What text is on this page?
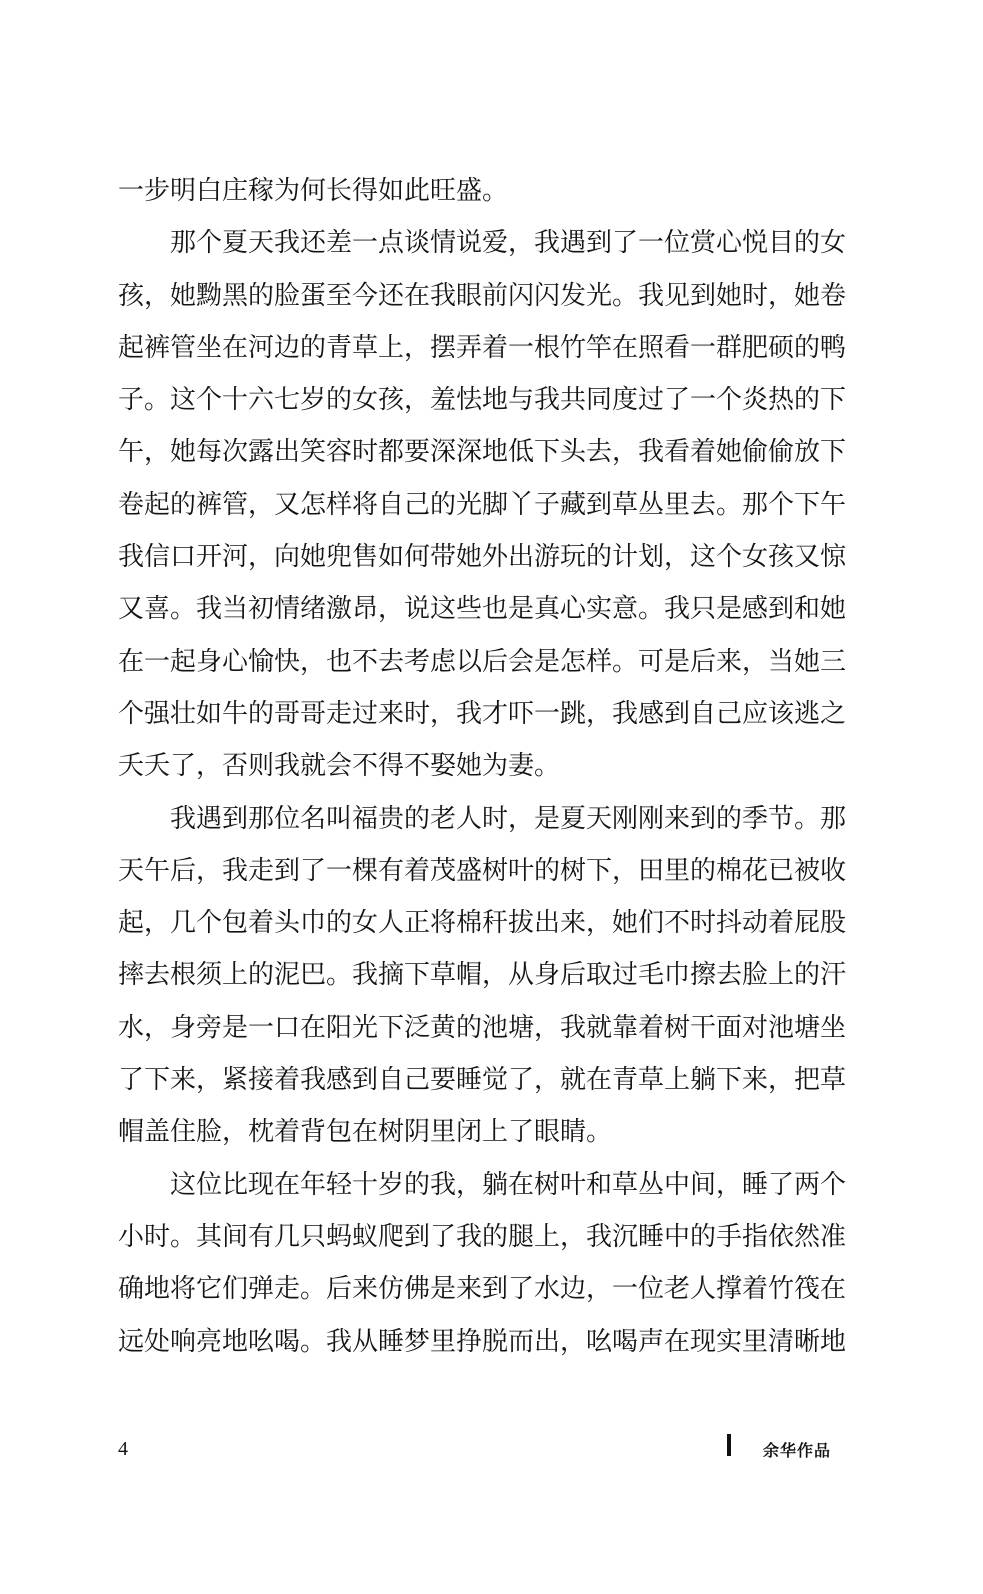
一步明白庄稼为何长得如此旺盛。
那个夏天我还差一点谈情说爱，我遇到了一位赏心悦目的女
孩，她黝黑的脸蛋至今还在我眼前闪闪发光。我见到她时，她卷
起裤管坐在河边的青草上，摆弄着一根竹竿在照看一群肥硕的鸭
子。这个十六七岁的女孩，羞怯地与我共同度过了一个炎热的下
午，她每次露出笑容时都要深深地低下头去，我看着她偷偷放下
卷起的裤管，又怎样将自己的光脚丫子藏到草丛里去。那个下午
我信口开河，向她兜售如何带她外出游玩的计划，这个女孩又惊
又喜。我当初情绪激昂，说这些也是真心实意。我只是感到和她
在一起身心愉快，也不去考虑以后会是怎样。可是后来，当她三
个强壮如牛的哥哥走过来时，我才吓一跳，我感到自己应该逃之
夭夭了，否则我就会不得不娶她为妻。
我遇到那位名叫福贵的老人时，是夏天刚刚来到的季节。那
天午后，我走到了一棵有着茂盛树叶的树下，田里的棉花已被收
起，几个包着头巾的女人正将棉秆拔出来，她们不时抖动着屁股
摔去根须上的泥巴。我摘下草帽，从身后取过毛巾擦去脸上的汗
水，身旁是一口在阳光下泛黄的池塘，我就靠着树干面对池塘坐
了下来，紧接着我感到自己要睡觉了，就在青草上躺下来，把草
帽盖住脸，枕着背包在树阴里闭上了眼睛。
这位比现在年轻十岁的我，躺在树叶和草丛中间，睡了两个
小时。其间有几只蚂蚁爬到了我的腿上，我沉睡中的手指依然准
确地将它们弹走。后来仿佛是来到了水边，一位老人撑着竹筏在
远处响亮地吆喝。我从睡梦里挣脱而出，吆喝声在现实里清晰地
4	余华作品
